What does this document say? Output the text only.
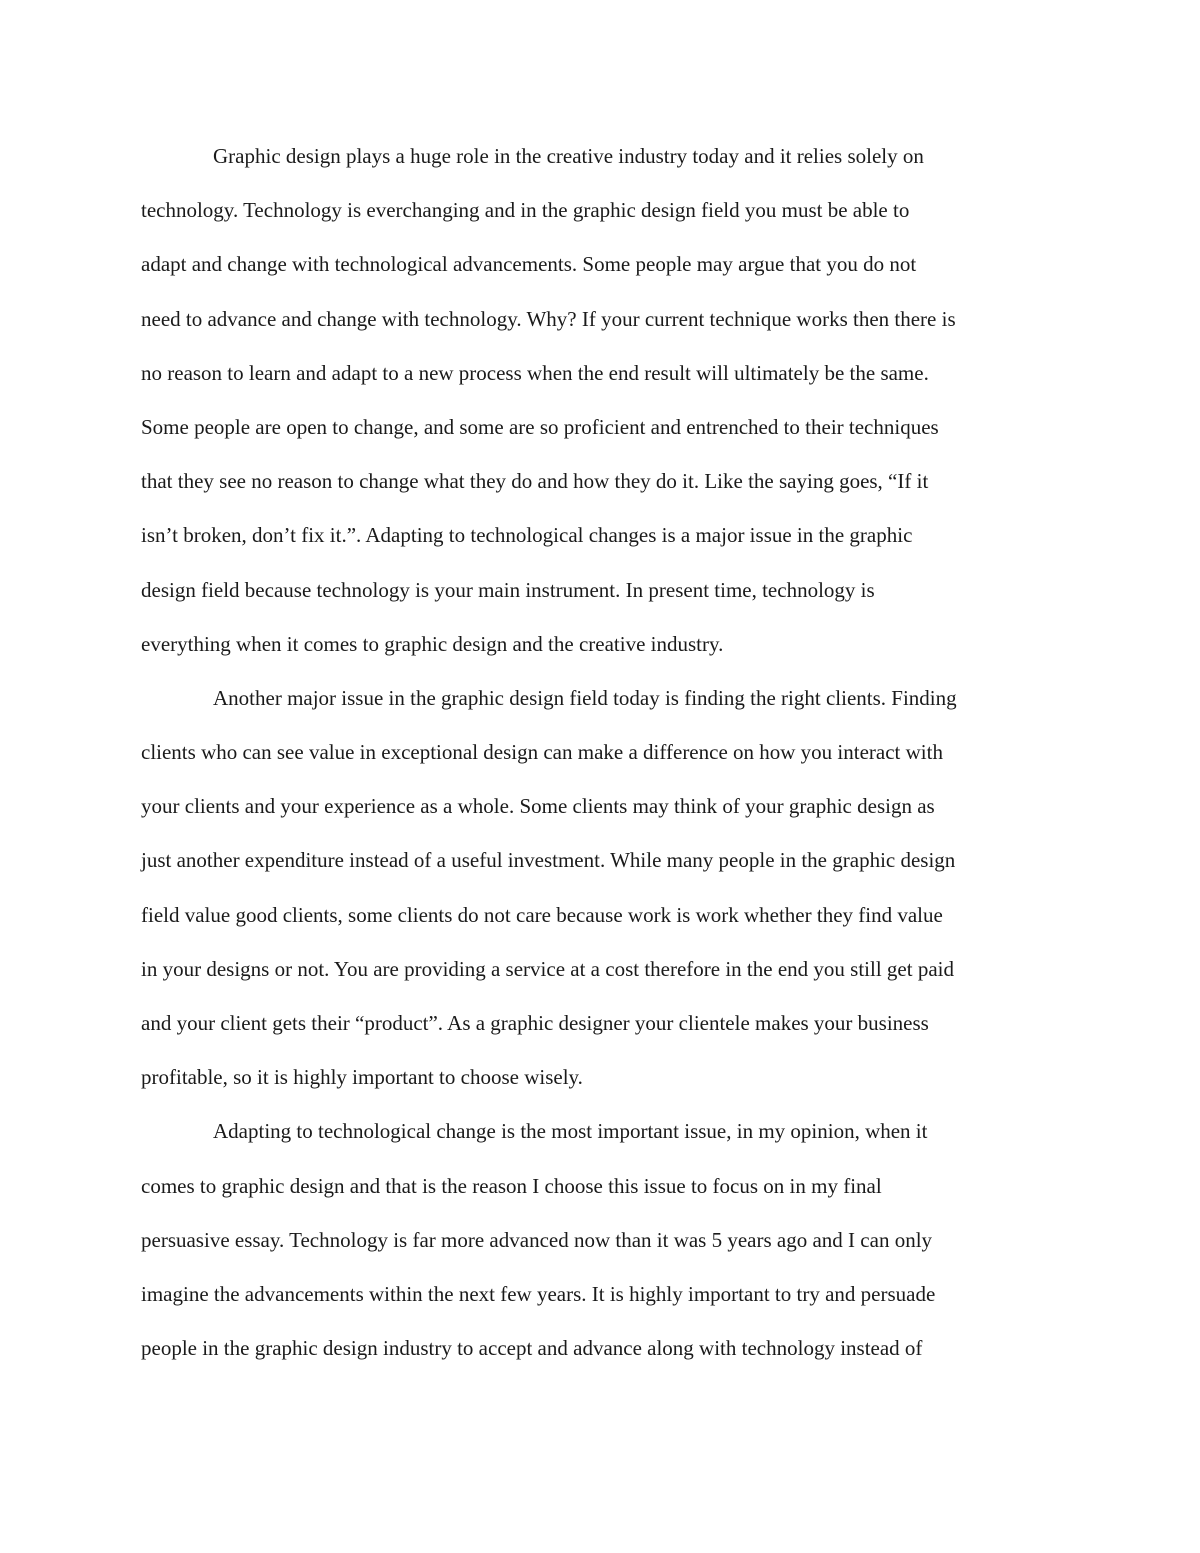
Graphic design plays a huge role in the creative industry today and it relies solely on
technology. Technology is everchanging and in the graphic design field you must be able to
adapt and change with technological advancements. Some people may argue that you do not
need to advance and change with technology. Why? If your current technique works then there is
no reason to learn and adapt to a new process when the end result will ultimately be the same.
Some people are open to change, and some are so proficient and entrenched to their techniques
that they see no reason to change what they do and how they do it. Like the saying goes, “If it
isn’t broken, don’t fix it.”. Adapting to technological changes is a major issue in the graphic
design field because technology is your main instrument. In present time, technology is
everything when it comes to graphic design and the creative industry.
Another major issue in the graphic design field today is finding the right clients. Finding
clients who can see value in exceptional design can make a difference on how you interact with
your clients and your experience as a whole. Some clients may think of your graphic design as
just another expenditure instead of a useful investment. While many people in the graphic design
field value good clients, some clients do not care because work is work whether they find value
in your designs or not. You are providing a service at a cost therefore in the end you still get paid
and your client gets their “product”. As a graphic designer your clientele makes your business
profitable, so it is highly important to choose wisely.
Adapting to technological change is the most important issue, in my opinion, when it
comes to graphic design and that is the reason I choose this issue to focus on in my final
persuasive essay. Technology is far more advanced now than it was 5 years ago and I can only
imagine the advancements within the next few years. It is highly important to try and persuade
people in the graphic design industry to accept and advance along with technology instead of
